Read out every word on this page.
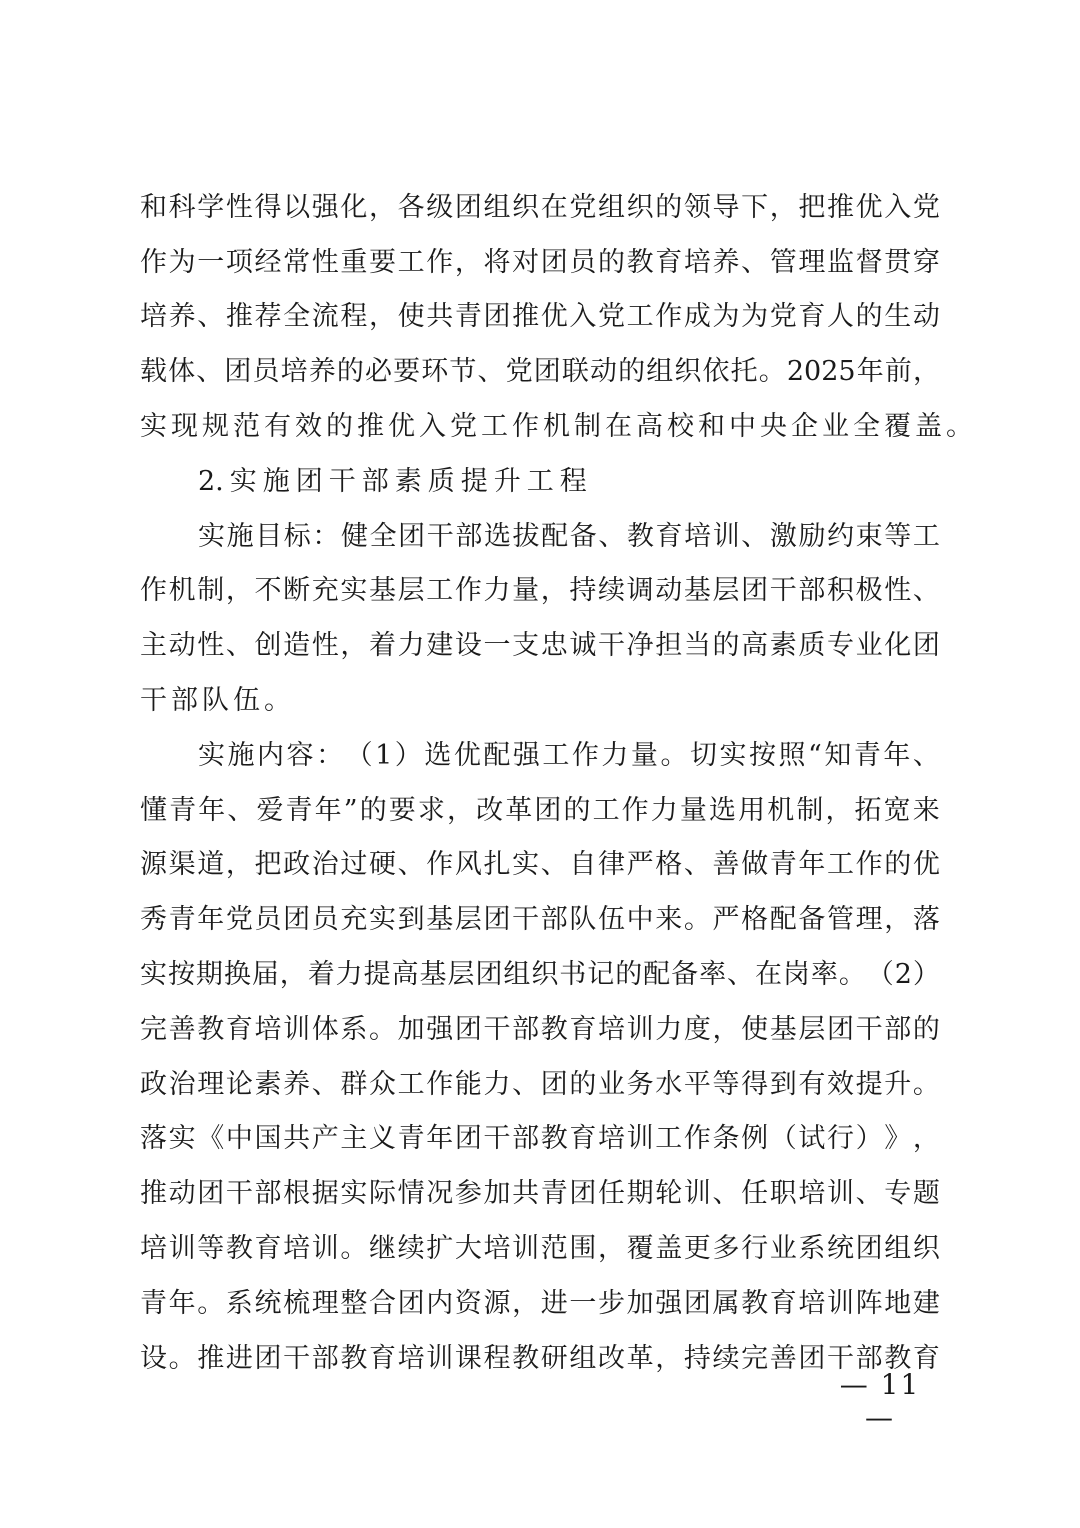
和 科 学 性 得 以 强 化 ， 各 级 团 组 织 在 党 组 织 的 领 导 下 ， 把 推 优 入 党
作 为 一 项 经 常 性 重 要 工 作 ， 将 对 团 员 的 教 育 培 养 、 管 理 监 督 贯 穿
培 养 、 推 荐 全 流 程 ， 使 共 青 团 推 优 入 党 工 作 成 为 为 党 育 人 的 生 动
载 体 、 团 员 培 养 的 必 要 环 节 、 党 团 联 动 的 组 织 依 托 。 2025 年 前 ，
实 现 规 范 有 效 的 推 优 入 党 工 作 机 制 在 高 校 和 中 央 企 业 全 覆 盖 。
2. 实 施 团 干 部 素 质 提 升 工 程
实 施 目 标 ： 健 全 团 干 部 选 拔 配 备 、 教 育 培 训 、 激 励 约 束 等 工
作 机 制 ， 不 断 充 实 基 层 工 作 力 量 ， 持 续 调 动 基 层 团 干 部 积 极 性 、
主 动 性 、 创 造 性 ， 着 力 建 设 一 支 忠 诚 干 净 担 当 的 高 素 质 专 业 化 团
干 部 队 伍 。
实 施 内 容 ： （ 1 ） 选 优 配 强 工 作 力 量 。 切 实 按 照 “ 知 青 年 、
懂 青 年 、 爱 青 年 ” 的 要 求 ， 改 革 团 的 工 作 力 量 选 用 机 制 ， 拓 宽 来
源 渠 道 ， 把 政 治 过 硬 、 作 风 扎 实 、 自 律 严 格 、 善 做 青 年 工 作 的 优
秀 青 年 党 员 团 员 充 实 到 基 层 团 干 部 队 伍 中 来 。 严 格 配 备 管 理 ， 落
实 按 期 换 届 ， 着 力 提 高 基 层 团 组 织 书 记 的 配 备 率 、 在 岗 率 。 （ 2 ）
完 善 教 育 培 训 体 系 。 加 强 团 干 部 教 育 培 训 力 度 ， 使 基 层 团 干 部 的
政 治 理 论 素 养 、 群 众 工 作 能 力 、 团 的 业 务 水 平 等 得 到 有 效 提 升 。
落 实 《 中 国 共 产 主 义 青 年 团 干 部 教 育 培 训 工 作 条 例 （ 试 行 ） 》 ，
推 动 团 干 部 根 据 实 际 情 况 参 加 共 青 团 任 期 轮 训 、 任 职 培 训 、 专 题
培 训 等 教 育 培 训 。 继 续 扩 大 培 训 范 围 ， 覆 盖 更 多 行 业 系 统 团 组 织
青 年 。 系 统 梳 理 整 合 团 内 资 源 ， 进 一 步 加 强 团 属 教 育 培 训 阵 地 建
设 。 推 进 团 干 部 教 育 培 训 课 程 教 研 组 改 革 ， 持 续 完 善 团 干 部 教 育
— 11 —
